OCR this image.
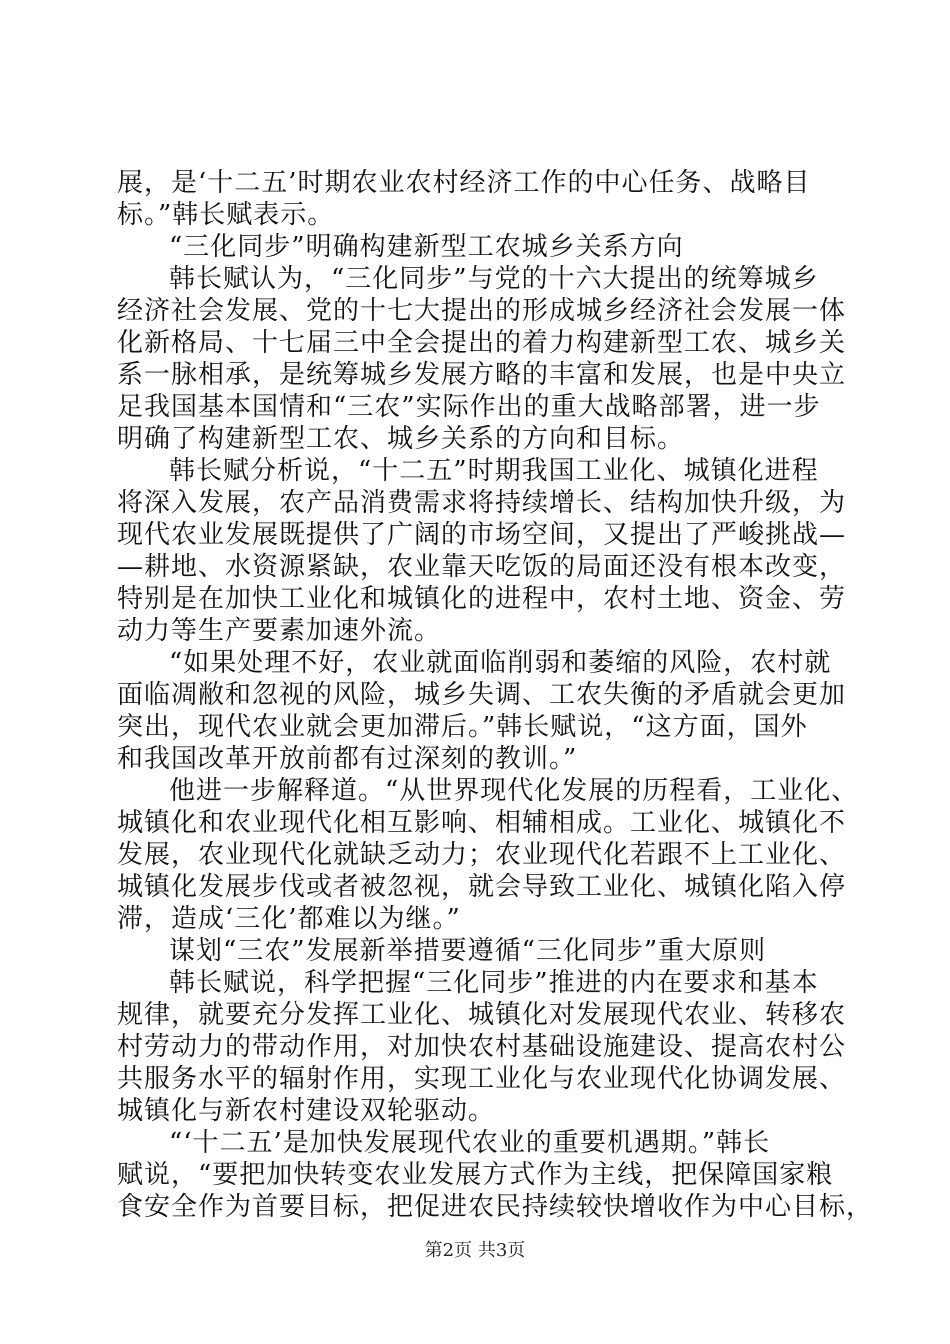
展，是‘十二五’时期农业农村经济工作的中心任务、战略目
标。”韩长赋表示。
“三化同步”明确构建新型工农城乡关系方向
韩长赋认为，“三化同步”与党的十六大提出的统筹城乡
经济社会发展、党的十七大提出的形成城乡经济社会发展一体
化新格局、十七届三中全会提出的着力构建新型工农、城乡关
系一脉相承，是统筹城乡发展方略的丰富和发展，也是中央立
足我国基本国情和“三农”实际作出的重大战略部署，进一步
明确了构建新型工农、城乡关系的方向和目标。
韩长赋分析说，“十二五”时期我国工业化、城镇化进程
将深入发展，农产品消费需求将持续增长、结构加快升级，为
现代农业发展既提供了广阔的市场空间，又提出了严峻挑战—
—耕地、水资源紧缺，农业靠天吃饭的局面还没有根本改变，
特别是在加快工业化和城镇化的进程中，农村土地、资金、劳
动力等生产要素加速外流。
“如果处理不好，农业就面临削弱和萎缩的风险，农村就
面临凋敝和忽视的风险，城乡失调、工农失衡的矛盾就会更加
突出，现代农业就会更加滞后。”韩长赋说，“这方面，国外
和我国改革开放前都有过深刻的教训。”
他进一步解释道。“从世界现代化发展的历程看，工业化、
城镇化和农业现代化相互影响、相辅相成。工业化、城镇化不
发展，农业现代化就缺乏动力；农业现代化若跟不上工业化、
城镇化发展步伐或者被忽视，就会导致工业化、城镇化陷入停
滞，造成‘三化’都难以为继。”
谋划“三农”发展新举措要遵循“三化同步”重大原则
韩长赋说，科学把握“三化同步”推进的内在要求和基本
规律，就要充分发挥工业化、城镇化对发展现代农业、转移农
村劳动力的带动作用，对加快农村基础设施建设、提高农村公
共服务水平的辐射作用，实现工业化与农业现代化协调发展、
城镇化与新农村建设双轮驱动。
“‘十二五’是加快发展现代农业的重要机遇期。”韩长
赋说，“要把加快转变农业发展方式作为主线，把保障国家粮
食安全作为首要目标，把促进农民持续较快增收作为中心目标，
第2页 共3页
